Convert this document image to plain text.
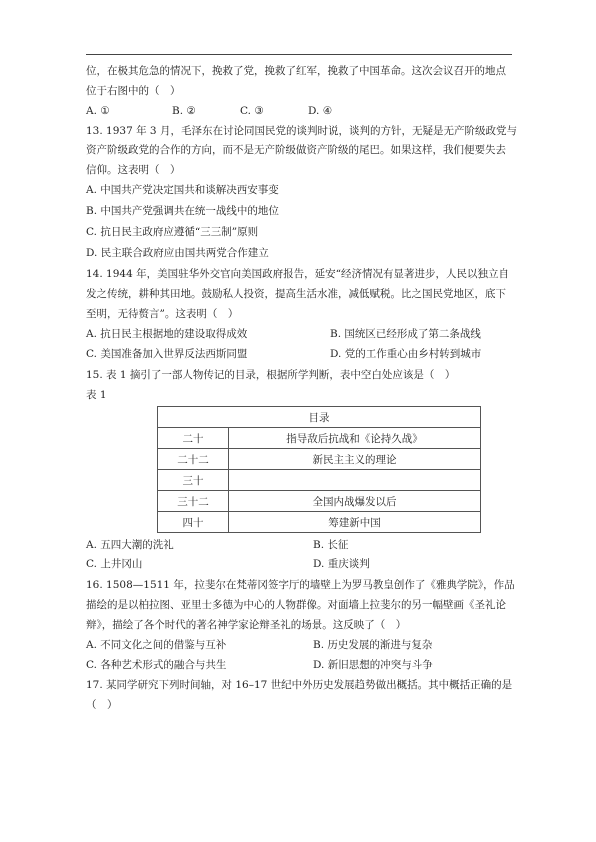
位，在极其危急的情况下，挽救了党，挽救了红军，挽救了中国革命。这次会议召开的地点
位于右图中的（　）
A. ①	B. ②	C. ③	D. ④
13. 1937 年 3 月，毛泽东在讨论同国民党的谈判时说，谈判的方针，无疑是无产阶级政党与
资产阶级政党的合作的方向，而不是无产阶级做资产阶级的尾巴。如果这样，我们便要失去
信仰。这表明（　）
A. 中国共产党决定国共和谈解决西安事变
B. 中国共产党强调共在统一战线中的地位
C. 抗日民主政府应遵循“三三制”原则
D. 民主联合政府应由国共两党合作建立
14. 1944 年，美国驻华外交官向美国政府报告，延安“经济情况有显著进步，人民以独立自
发之传统，耕种其田地。鼓励私人投资，提高生活水准，减低赋税。比之国民党地区，底下
至明，无待赘言”。这表明（　）
A. 抗日民主根据地的建设取得成效	B. 国统区已经形成了第二条战线
C. 美国准备加入世界反法西斯同盟	D. 党的工作重心由乡村转到城市
15. 表 1 摘引了一部人物传记的目录，根据所学判断，表中空白处应该是（　）
表 1
目录	
二十	指导敌后抗战和《论持久战》
二十二	新民主主义的理论
三十	
三十二	全国内战爆发以后
四十	筹建新中国
A. 五四大潮的洗礼	B. 长征
C. 上井冈山	D. 重庆谈判
16. 1508—1511 年，拉斐尔在梵蒂冈签字厅的墙壁上为罗马教皇创作了《雅典学院》，作品
描绘的是以柏拉图、亚里士多德为中心的人物群像。对面墙上拉斐尔的另一幅壁画《圣礼论
辩》，描绘了各个时代的著名神学家论辩圣礼的场景。这反映了（　）
A. 不同文化之间的借鉴与互补	B. 历史发展的渐进与复杂
C. 各种艺术形式的融合与共生	D. 新旧思想的冲突与斗争
17. 某同学研究下列时间轴，对 16–17 世纪中外历史发展趋势做出概括。其中概括正确的是
（　）
